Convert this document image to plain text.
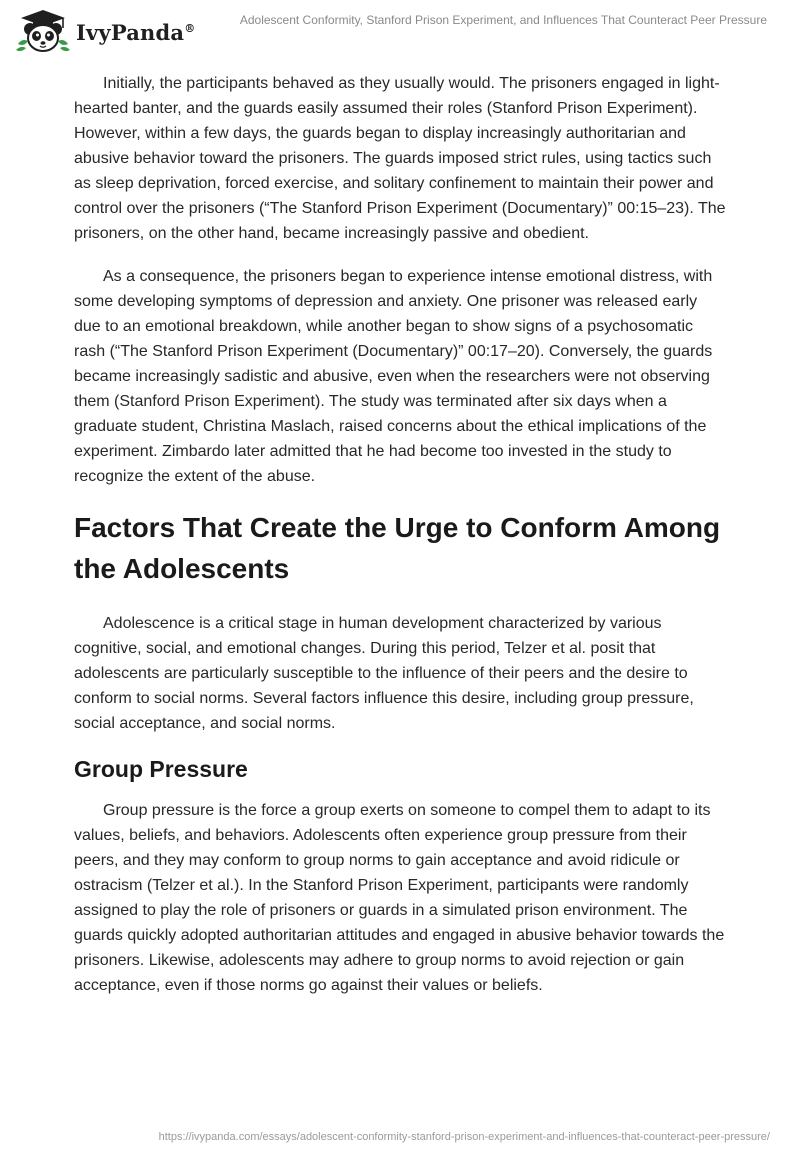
IvyPanda®
Adolescent Conformity, Stanford Prison Experiment, and Influences That Counteract Peer Pressure

Initially, the participants behaved as they usually would. The prisoners engaged in light-hearted banter, and the guards easily assumed their roles (Stanford Prison Experiment). However, within a few days, the guards began to display increasingly authoritarian and abusive behavior toward the prisoners. The guards imposed strict rules, using tactics such as sleep deprivation, forced exercise, and solitary confinement to maintain their power and control over the prisoners (“The Stanford Prison Experiment (Documentary)” 00:15–23). The prisoners, on the other hand, became increasingly passive and obedient.

As a consequence, the prisoners began to experience intense emotional distress, with some developing symptoms of depression and anxiety. One prisoner was released early due to an emotional breakdown, while another began to show signs of a psychosomatic rash (“The Stanford Prison Experiment (Documentary)” 00:17–20). Conversely, the guards became increasingly sadistic and abusive, even when the researchers were not observing them (Stanford Prison Experiment). The study was terminated after six days when a graduate student, Christina Maslach, raised concerns about the ethical implications of the experiment. Zimbardo later admitted that he had become too invested in the study to recognize the extent of the abuse.

Factors That Create the Urge to Conform Among the Adolescents

Adolescence is a critical stage in human development characterized by various cognitive, social, and emotional changes. During this period, Telzer et al. posit that adolescents are particularly susceptible to the influence of their peers and the desire to conform to social norms. Several factors influence this desire, including group pressure, social acceptance, and social norms.

Group Pressure

Group pressure is the force a group exerts on someone to compel them to adapt to its values, beliefs, and behaviors. Adolescents often experience group pressure from their peers, and they may conform to group norms to gain acceptance and avoid ridicule or ostracism (Telzer et al.). In the Stanford Prison Experiment, participants were randomly assigned to play the role of prisoners or guards in a simulated prison environment. The guards quickly adopted authoritarian attitudes and engaged in abusive behavior towards the prisoners. Likewise, adolescents may adhere to group norms to avoid rejection or gain acceptance, even if those norms go against their values or beliefs.

https://ivypanda.com/essays/adolescent-conformity-stanford-prison-experiment-and-influences-that-counteract-peer-pressure/
